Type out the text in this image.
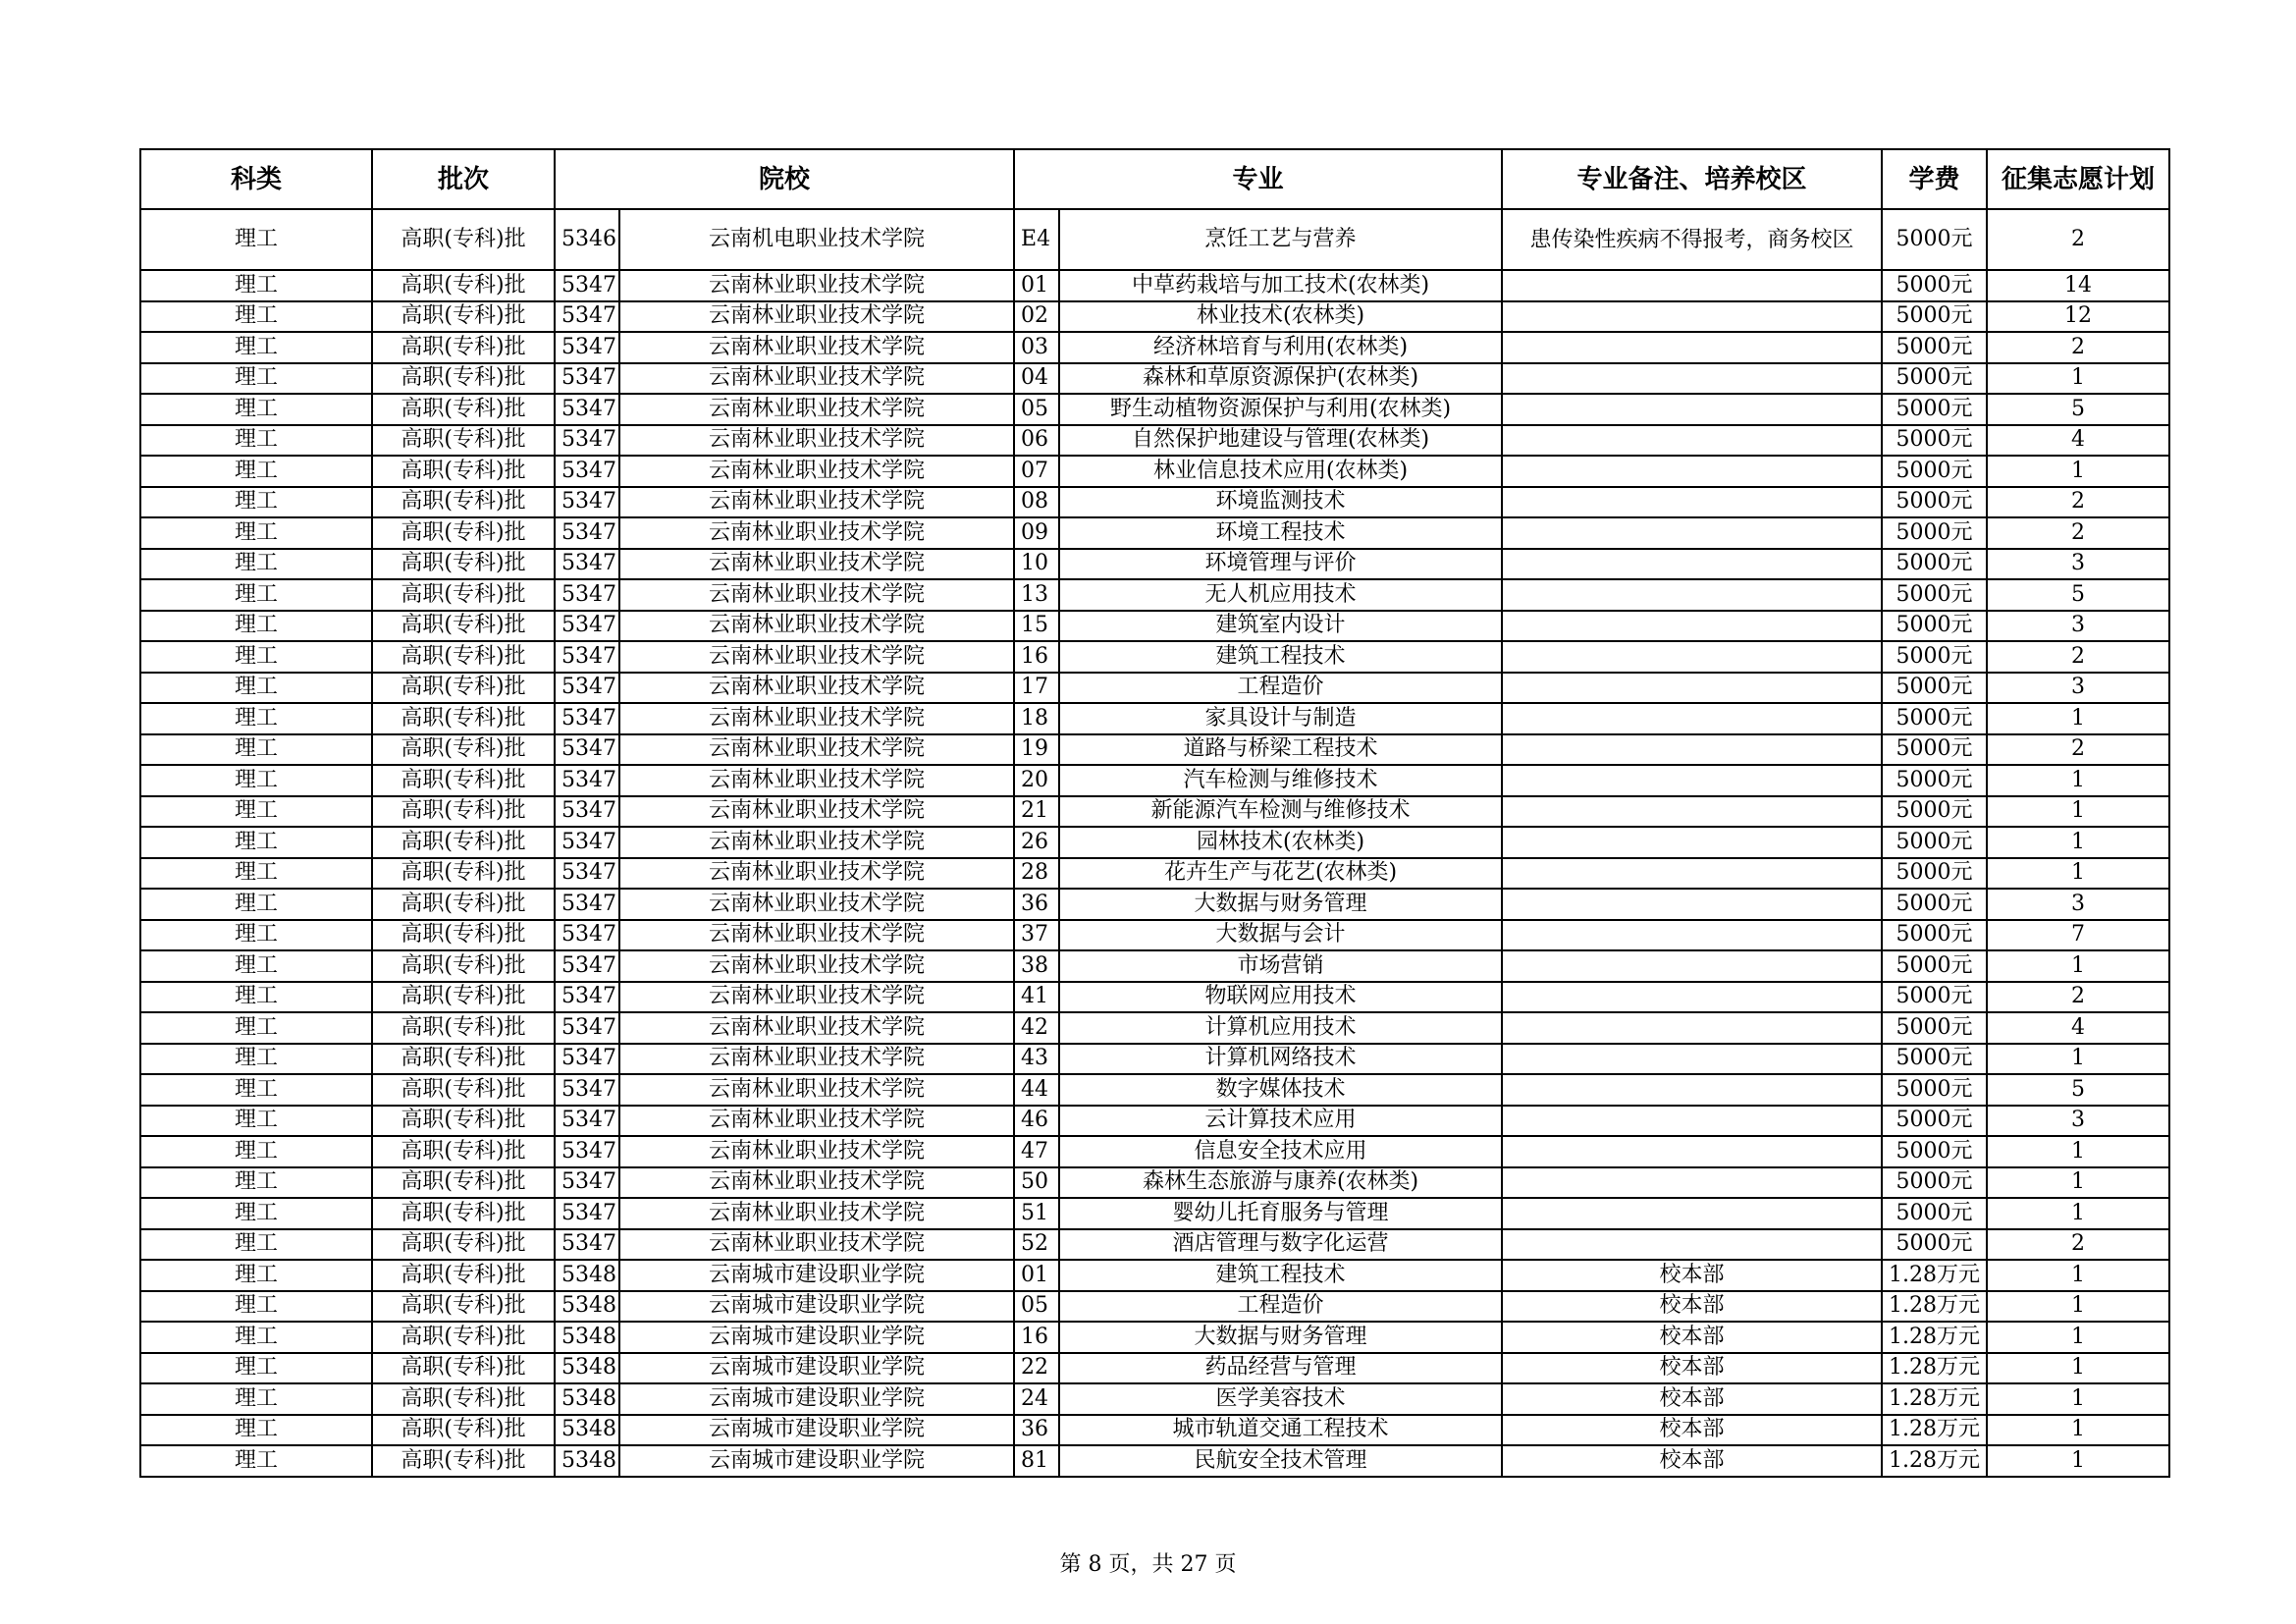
科类	批次	院校		专业		专业备注、培养校区	学费	征集志愿计划
理工	高职(专科)批	5346	云南机电职业技术学院	E4	烹饪工艺与营养	患传染性疾病不得报考，商务校区	5000元	2
理工	高职(专科)批	5347	云南林业职业技术学院	01	中草药栽培与加工技术(农林类)		5000元	14
理工	高职(专科)批	5347	云南林业职业技术学院	02	林业技术(农林类)		5000元	12
理工	高职(专科)批	5347	云南林业职业技术学院	03	经济林培育与利用(农林类)		5000元	2
理工	高职(专科)批	5347	云南林业职业技术学院	04	森林和草原资源保护(农林类)		5000元	1
理工	高职(专科)批	5347	云南林业职业技术学院	05	野生动植物资源保护与利用(农林类)		5000元	5
理工	高职(专科)批	5347	云南林业职业技术学院	06	自然保护地建设与管理(农林类)		5000元	4
理工	高职(专科)批	5347	云南林业职业技术学院	07	林业信息技术应用(农林类)		5000元	1
理工	高职(专科)批	5347	云南林业职业技术学院	08	环境监测技术		5000元	2
理工	高职(专科)批	5347	云南林业职业技术学院	09	环境工程技术		5000元	2
理工	高职(专科)批	5347	云南林业职业技术学院	10	环境管理与评价		5000元	3
理工	高职(专科)批	5347	云南林业职业技术学院	13	无人机应用技术		5000元	5
理工	高职(专科)批	5347	云南林业职业技术学院	15	建筑室内设计		5000元	3
理工	高职(专科)批	5347	云南林业职业技术学院	16	建筑工程技术		5000元	2
理工	高职(专科)批	5347	云南林业职业技术学院	17	工程造价		5000元	3
理工	高职(专科)批	5347	云南林业职业技术学院	18	家具设计与制造		5000元	1
理工	高职(专科)批	5347	云南林业职业技术学院	19	道路与桥梁工程技术		5000元	2
理工	高职(专科)批	5347	云南林业职业技术学院	20	汽车检测与维修技术		5000元	1
理工	高职(专科)批	5347	云南林业职业技术学院	21	新能源汽车检测与维修技术		5000元	1
理工	高职(专科)批	5347	云南林业职业技术学院	26	园林技术(农林类)		5000元	1
理工	高职(专科)批	5347	云南林业职业技术学院	28	花卉生产与花艺(农林类)		5000元	1
理工	高职(专科)批	5347	云南林业职业技术学院	36	大数据与财务管理		5000元	3
理工	高职(专科)批	5347	云南林业职业技术学院	37	大数据与会计		5000元	7
理工	高职(专科)批	5347	云南林业职业技术学院	38	市场营销		5000元	1
理工	高职(专科)批	5347	云南林业职业技术学院	41	物联网应用技术		5000元	2
理工	高职(专科)批	5347	云南林业职业技术学院	42	计算机应用技术		5000元	4
理工	高职(专科)批	5347	云南林业职业技术学院	43	计算机网络技术		5000元	1
理工	高职(专科)批	5347	云南林业职业技术学院	44	数字媒体技术		5000元	5
理工	高职(专科)批	5347	云南林业职业技术学院	46	云计算技术应用		5000元	3
理工	高职(专科)批	5347	云南林业职业技术学院	47	信息安全技术应用		5000元	1
理工	高职(专科)批	5347	云南林业职业技术学院	50	森林生态旅游与康养(农林类)		5000元	1
理工	高职(专科)批	5347	云南林业职业技术学院	51	婴幼儿托育服务与管理		5000元	1
理工	高职(专科)批	5347	云南林业职业技术学院	52	酒店管理与数字化运营		5000元	2
理工	高职(专科)批	5348	云南城市建设职业学院	01	建筑工程技术	校本部	1.28万元	1
理工	高职(专科)批	5348	云南城市建设职业学院	05	工程造价	校本部	1.28万元	1
理工	高职(专科)批	5348	云南城市建设职业学院	16	大数据与财务管理	校本部	1.28万元	1
理工	高职(专科)批	5348	云南城市建设职业学院	22	药品经营与管理	校本部	1.28万元	1
理工	高职(专科)批	5348	云南城市建设职业学院	24	医学美容技术	校本部	1.28万元	1
理工	高职(专科)批	5348	云南城市建设职业学院	36	城市轨道交通工程技术	校本部	1.28万元	1
理工	高职(专科)批	5348	云南城市建设职业学院	81	民航安全技术管理	校本部	1.28万元	1
第 8 页，共 27 页
